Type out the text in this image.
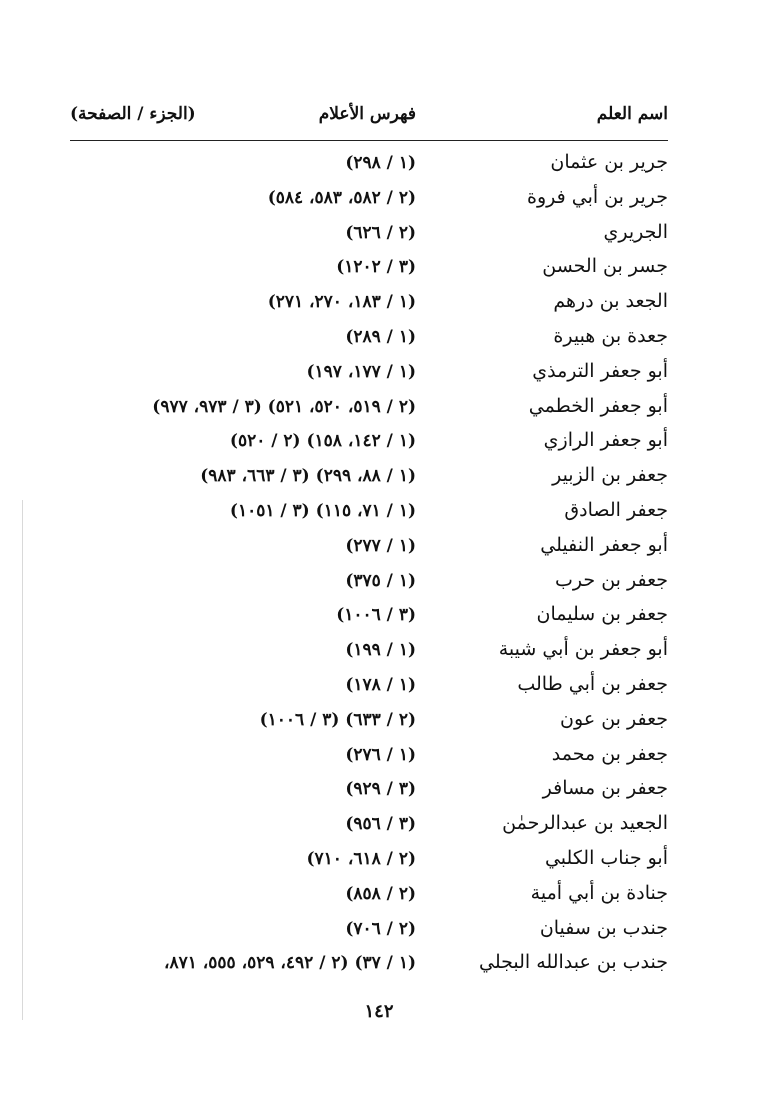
اسم العلم
فهرس الأعلام
(الجزء / الصفحة)
جرير بن عثمان
(١ / ٢٩٨)
جرير بن أبي فروة
(٢ / ٥٨٢، ٥٨٣، ٥٨٤)
الجريري
(٢ / ٦٢٦)
جسر بن الحسن
(٣ / ١٢٠٢)
الجعد بن درهم
(١ / ١٨٣، ٢٧٠، ٢٧١)
جعدة بن هبيرة
(١ / ٢٨٩)
أبو جعفر الترمذي
(١ / ١٧٧، ١٩٧)
أبو جعفر الخطمي
(٢ / ٥١٩، ٥٢٠، ٥٢١) (٣ / ٩٧٣، ٩٧٧)
أبو جعفر الرازي
(١ / ١٤٢، ١٥٨) (٢ / ٥٢٠)
جعفر بن الزبير
(١ / ٨٨، ٢٩٩) (٣ / ٦٦٣، ٩٨٣)
جعفر الصادق
(١ / ٧١، ١١٥) (٣ / ١٠٥١)
أبو جعفر النفيلي
(١ / ٢٧٧)
جعفر بن حرب
(١ / ٣٧٥)
جعفر بن سليمان
(٣ / ١٠٠٦)
أبو جعفر بن أبي شيبة
(١ / ١٩٩)
جعفر بن أبي طالب
(١ / ١٧٨)
جعفر بن عون
(٢ / ٦٣٣) (٣ / ١٠٠٦)
جعفر بن محمد
(١ / ٢٧٦)
جعفر بن مسافر
(٣ / ٩٢٩)
الجعيد بن عبدالرحمٰن
(٣ / ٩٥٦)
أبو جناب الكلبي
(٢ / ٦١٨، ٧١٠)
جنادة بن أبي أمية
(٢ / ٨٥٨)
جندب بن سفيان
(٢ / ٧٠٦)
جندب بن عبدالله البجلي
(١ / ٣٧) (٢ / ٤٩٢، ٥٢٩، ٥٥٥، ٨٧١،
١٤٢
